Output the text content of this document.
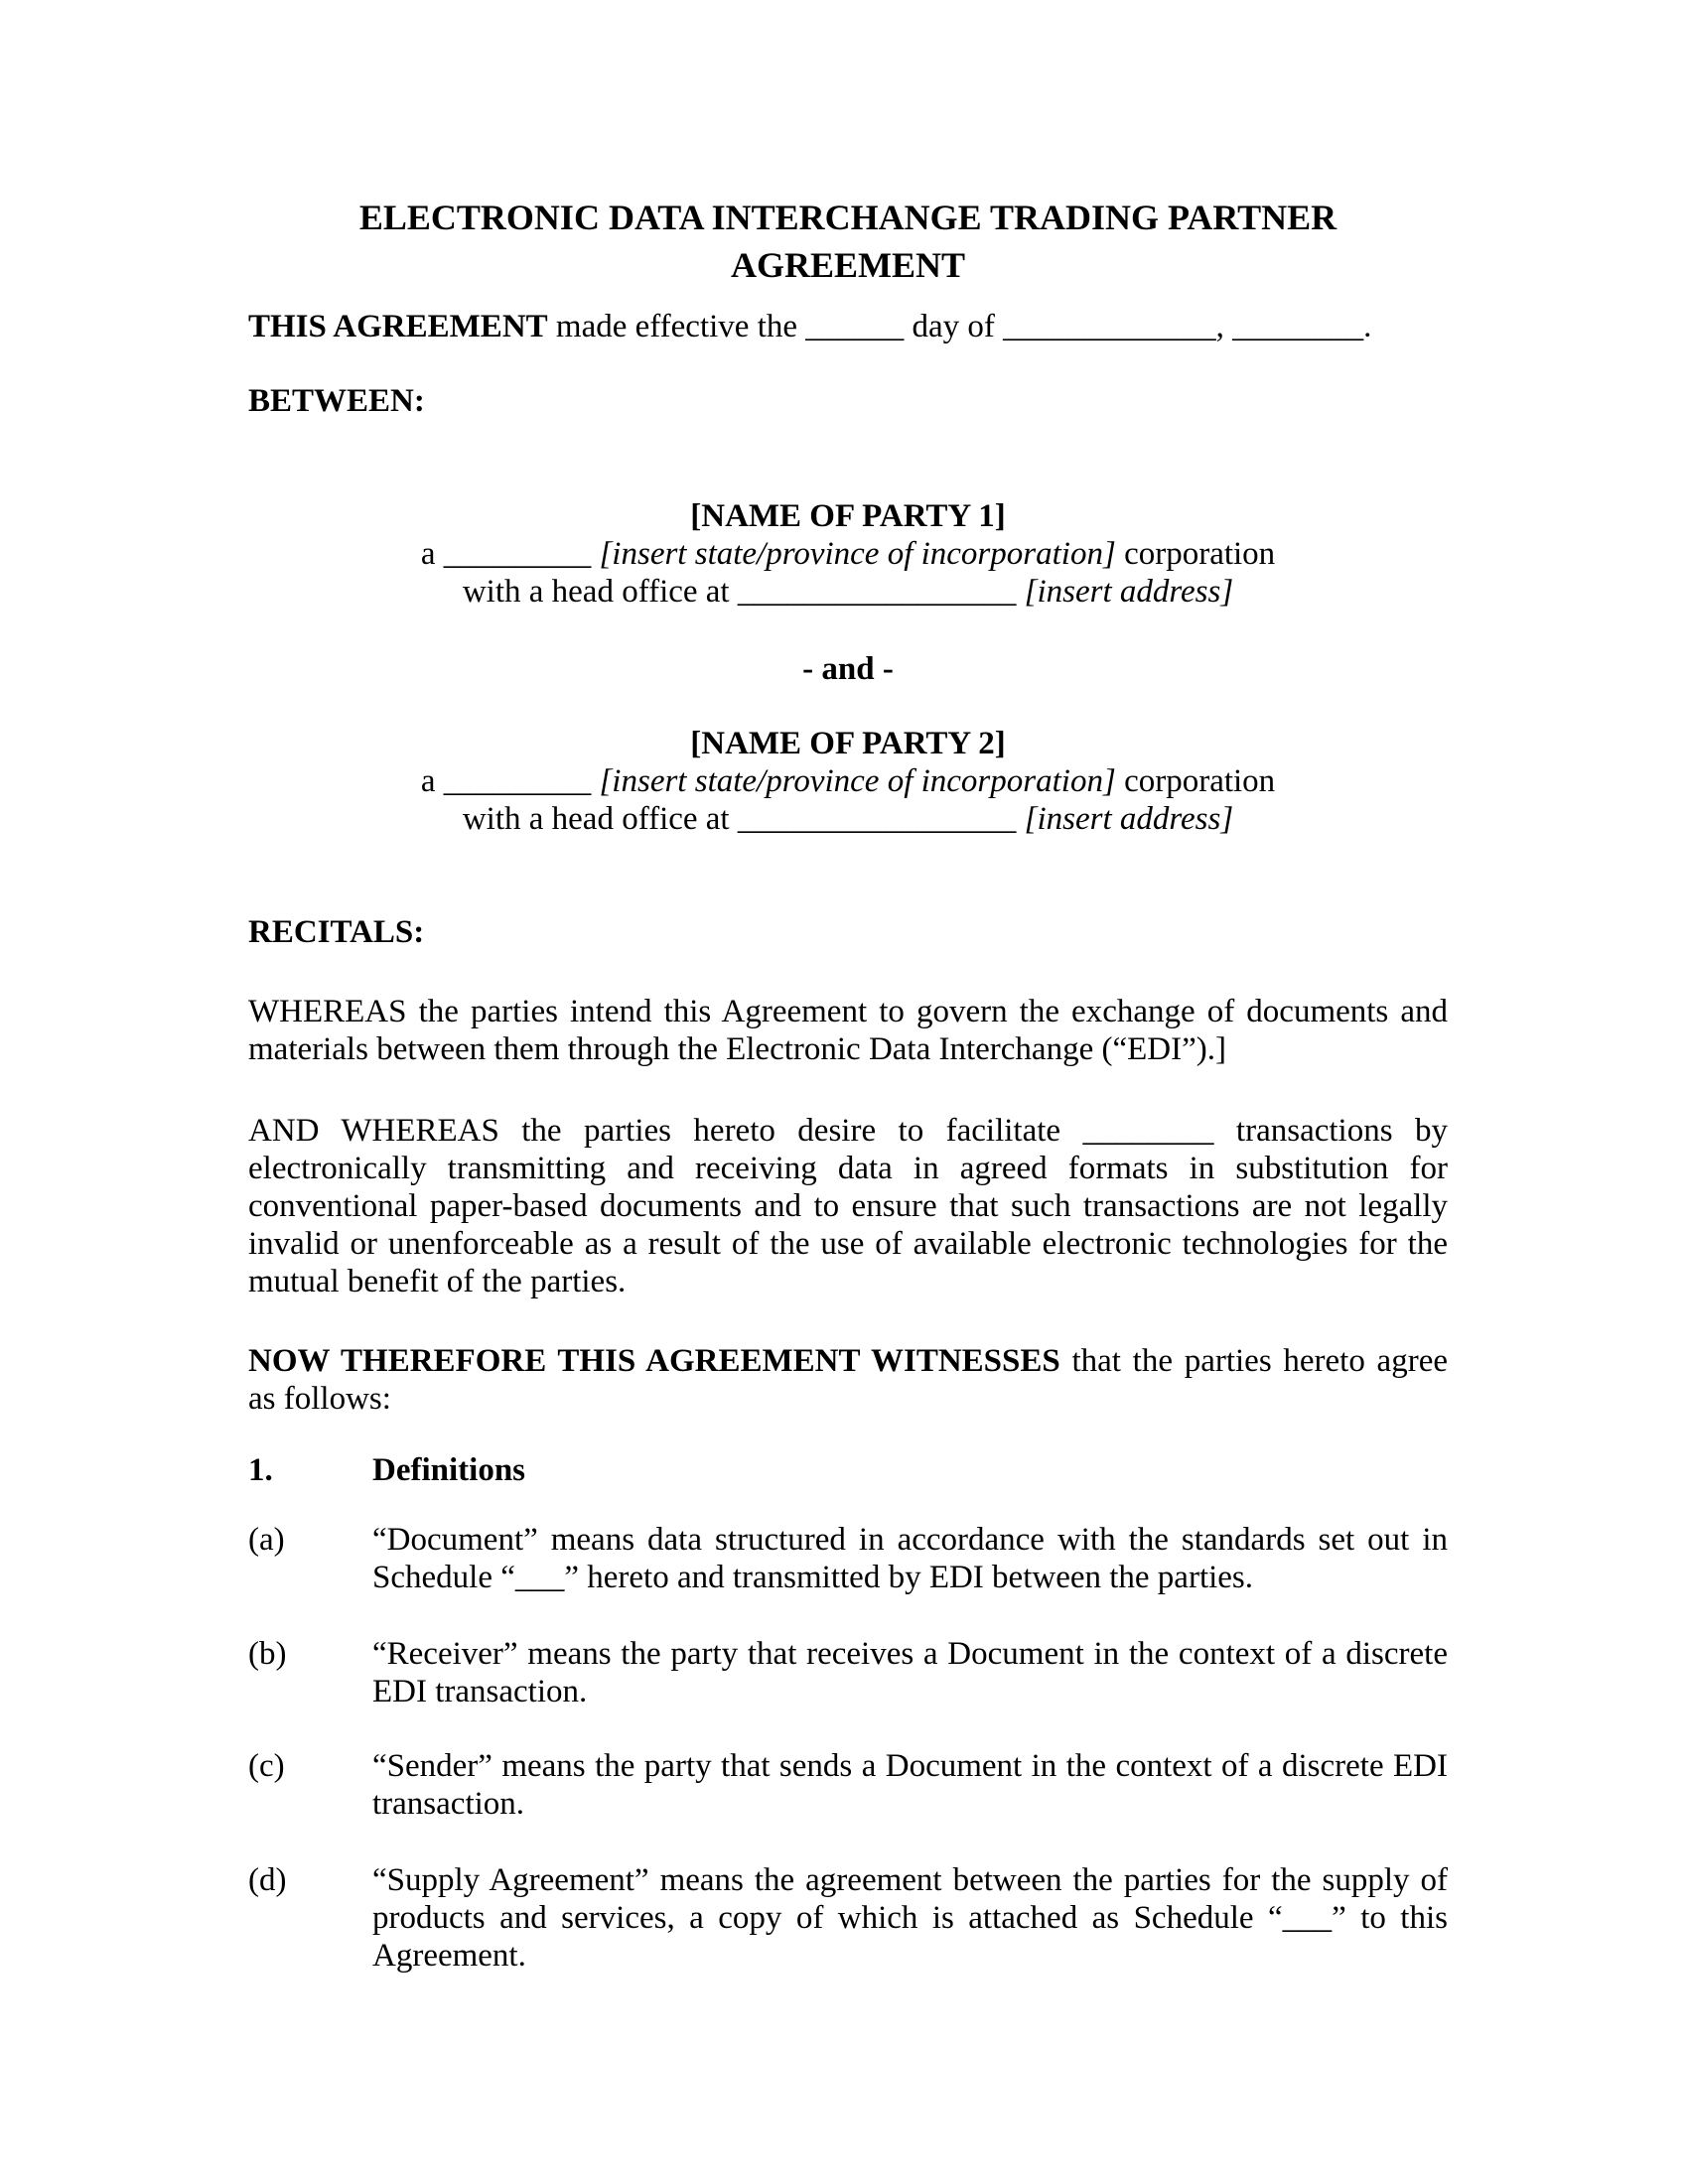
ELECTRONIC DATA INTERCHANGE TRADING PARTNER
AGREEMENT
THIS AGREEMENT made effective the ______ day of _____________, ________.
BETWEEN:
[NAME OF PARTY 1]
a _________ [insert state/province of incorporation] corporation
with a head office at _________________ [insert address]
- and -
[NAME OF PARTY 2]
a _________ [insert state/province of incorporation] corporation
with a head office at _________________ [insert address]
RECITALS:
WHEREAS the parties intend this Agreement to govern the exchange of documents and
materials between them through the Electronic Data Interchange (“EDI”).]
AND WHEREAS the parties hereto desire to facilitate ________ transactions by
electronically transmitting and receiving data in agreed formats in substitution for
conventional paper-based documents and to ensure that such transactions are not legally
invalid or unenforceable as a result of the use of available electronic technologies for the
mutual benefit of the parties.
NOW THEREFORE THIS AGREEMENT WITNESSES that the parties hereto agree
as follows:
1.	Definitions
(a)	“Document” means data structured in accordance with the standards set out in
Schedule “___” hereto and transmitted by EDI between the parties.
(b)	“Receiver” means the party that receives a Document in the context of a discrete
EDI transaction.
(c)	“Sender” means the party that sends a Document in the context of a discrete EDI
transaction.
(d)	“Supply Agreement” means the agreement between the parties for the supply of
products and services, a copy of which is attached as Schedule “___” to this
Agreement.
